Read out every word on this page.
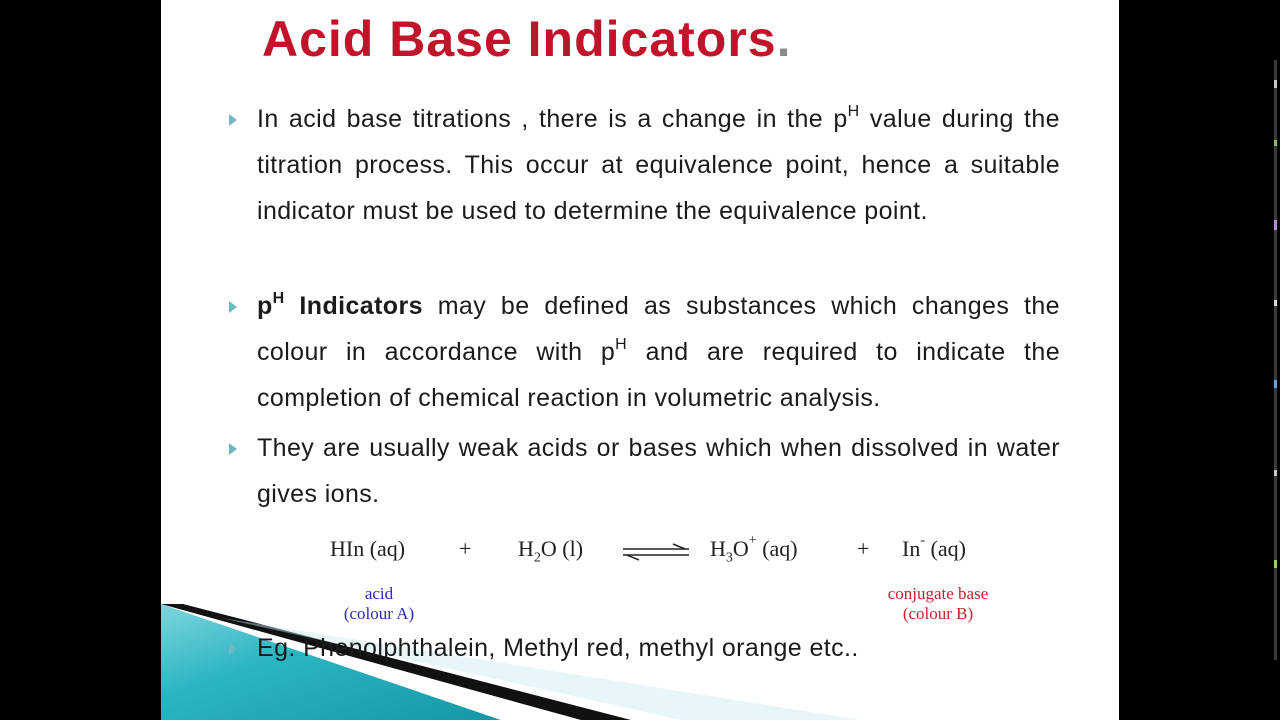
Acid Base Indicators.
In acid base titrations , there is a change in the $p^H$ value during the titration process. This occur at equivalence point, hence a suitable indicator must be used to determine the equivalence point.
$p^H$ Indicators may be defined as substances which changes the colour in accordance with $p^H$ and are required to indicate the completion of chemical reaction in volumetric analysis.
They are usually weak acids or bases which when dissolved in water gives ions.
HIn $(aq) + H_2O$ (l)	$H_3O^+$ (aq)	+ In- (aq)
acid
(colour A)
conjugate base
(colour B)
Eg. Phenolphthalein, Methyl red, methyl orange etc..
